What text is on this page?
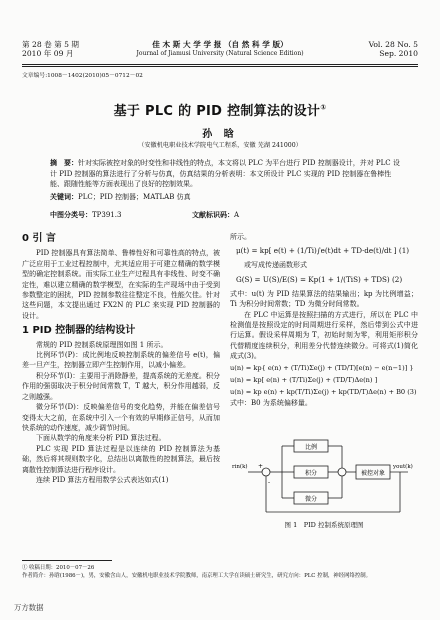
第 28 卷 第 5 期
2010 年 09 月
佳 木 斯 大 学 学 报 （自 然 科 学 版）
Journal of Jiamusi University (Natural Science Edition)
Vol. 28 No. 5
Sep. 2010
文章编号:1008－1402(2010)05－0712－02
基于 PLC 的 PID 控制算法的设计①
孙 晗
（安徽机电职业技术学院电气工程系，安徽 芜湖 241000）
摘　要：针对实际被控对象的时变性和非线性的特点，本文将以 PLC 为平台进行 PID 控制器设计，并对 PLC 设计 PID 控制器的算法进行了分析与仿真，仿真结果的分析表明：本文所设计 PLC 实现的 PID 控制器在鲁棒性能、跟随性能等方面表现出了良好的控制效果。
关键词：PLC；PID 控制器；MATLAB 仿真
中图分类号：TP391.3	文献标识码：A
0 引 言

PID 控制器具有算法简单、鲁棒性好和可靠性高的特点，被广泛应用于工业过程控制中，尤其适应用于可建立精确的数学模型的确定控制系统。而实际工业生产过程具有非线性、时变不确定性，难以建立精确的数学模型，在实际的生产现场中由于受到参数整定的困扰，PID 控制参数往往整定不良，性能欠佳。针对这些问题，本文提出通过 FX2N 的 PLC 来实现 PID 控制器的设计。

1 PID 控制器的结构设计

常规的 PID 控制系统原理图如图 1 所示。

比例环节(P)：成比例地反映控制系统的偏差信号 e(t)，偏差一旦产生，控制器立即产生控制作用，以减小偏差。

积分环节(I)：主要用于消除静差，提高系统的无差度。积分作用的强弱取决于积分时间常数 T，T 越大，积分作用越弱，反之则越强。

微分环节(D)：反映偏差信号的变化趋势，并能在偏差信号变得太大之前，在系统中引入一个有效的早期修正信号，从而加快系统的动作速度，减少调节时间。

下面从数学的角度来分析 PID 算法过程。

PLC 实现 PID 算法过程是以连续的 PID 控制算法为基础，然后将其规则数字化，总结出以离散性的控制算法，最后按离散性控制算法进行程序设计。

连续 PID 算法方程用数学公式表达如式(1)

所示。
μ(t) = kp[ e(t) + (1/Ti)∫e(t)dt + TD·de(t)/dt ] (1)

或写成传递函数形式

G(S) = U(S)/E(S) = Kp(1 + 1/(TiS) + TDS) (2)

式中：u(t) 为 PID 结果算法的结果输出；kp 为比例增益；Ti 为积分时间常数；TD 为微分时间常数。

在 PLC 中运算是按照扫描的方式进行，所以在 PLC 中检测值是按照设定的时间周期进行采样，然后带到公式中进行运算。假设采样周期为 T，初始时刻为零，利用矩形积分代替精度连续积分，利用差分代替连续微分。可将式(1)简化成式(3)。

u(n) = kp{ e(n) + (T/Ti)Σe(j) + (TD/T)[e(n) − e(n−1)] }
u(n) = kp[ e(n) + (T/Ti)Σe(j) + (TD/T)Δe(n) ]
u(n) = kp e(n) + kp(T/Ti)Σe(j) + kp(TD/T)Δe(n) + B0 (3)
式中：B0 为系统偏移量。
rin(k)	yout(k)
比例
积分
微分
被控对象
+
-
图 1　PID 控制系统原理图
① 收稿日期：2010－07－26
作者简介：孙晗(1986－)，男，安徽含山人，安徽机电职业技术学院教师，南京理工大学在读硕士研究生，研究方向：PLC 控制，神经网络控制。
万方数据
